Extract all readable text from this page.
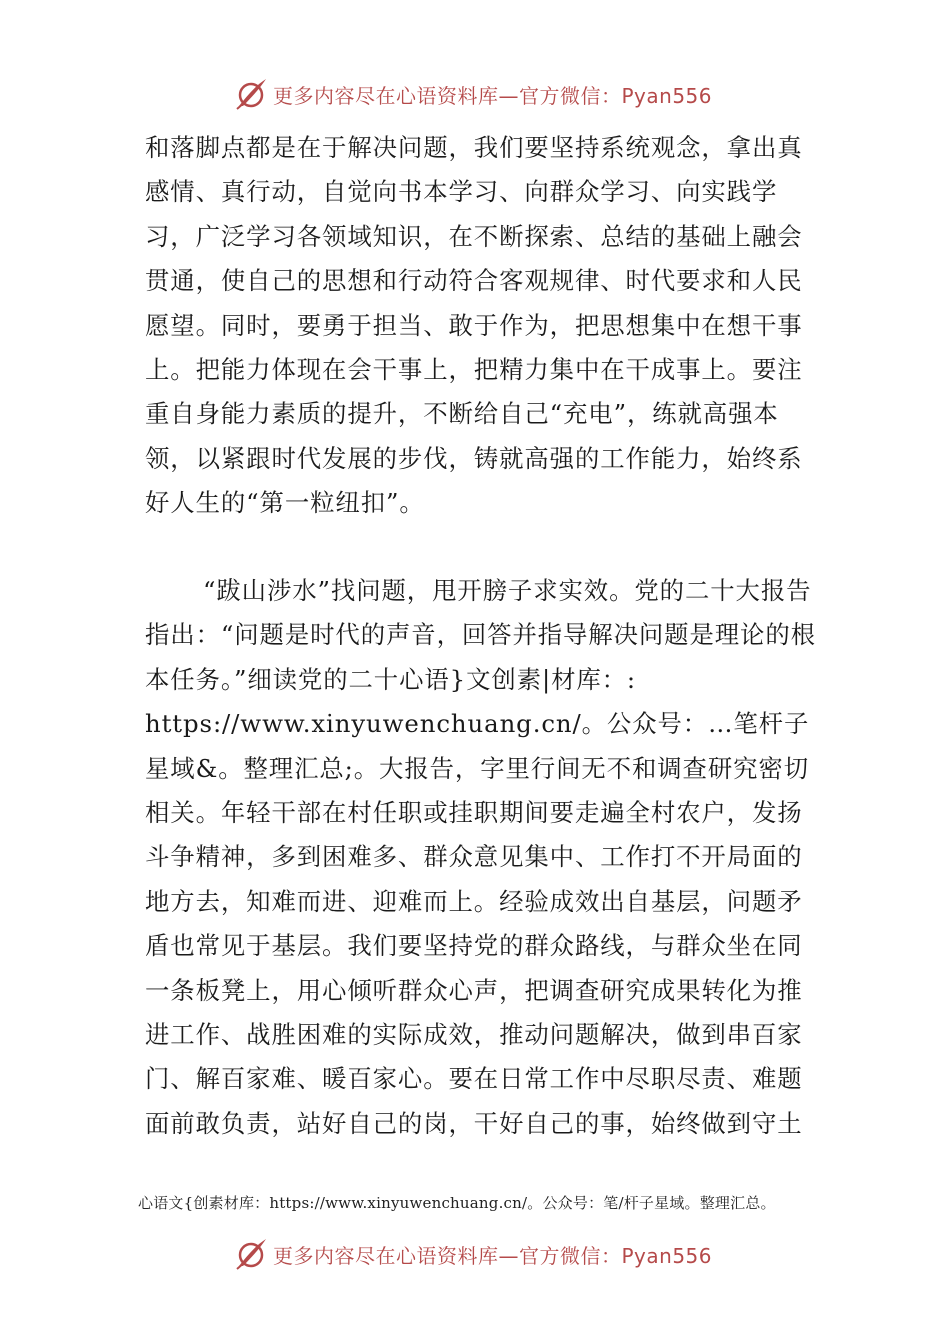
更多内容尽在心语资料库—官方微信：Pyan556
和落脚点都是在于解决问题，我们要坚持系统观念，拿出真感情、真行动，自觉向书本学习、向群众学习、向实践学习，广泛学习各领域知识，在不断探索、总结的基础上融会贯通，使自己的思想和行动符合客观规律、时代要求和人民愿望。同时，要勇于担当、敢于作为，把思想集中在想干事上。把能力体现在会干事上，把精力集中在干成事上。要注重自身能力素质的提升，不断给自己“充电”，练就高强本领，以紧跟时代发展的步伐，铸就高强的工作能力，始终系好人生的“第一粒纽扣”。
“跋山涉水”找问题，甩开膀子求实效。党的二十大报告指出：“问题是时代的声音，回答并指导解决问题是理论的根本任务。”细读党的二十心语}文创素|材库：: https://www.xinyuwenchuang.cn/。公众号：…笔杆子星域&。整理汇总;。大报告，字里行间无不和调查研究密切相关。年轻干部在村任职或挂职期间要走遍全村农户，发扬斗争精神，多到困难多、群众意见集中、工作打不开局面的地方去，知难而进、迎难而上。经验成效出自基层，问题矛盾也常见于基层。我们要坚持党的群众路线，与群众坐在同一条板凳上，用心倾听群众心声，把调查研究成果转化为推进工作、战胜困难的实际成效，推动问题解决，做到串百家门、解百家难、暖百家心。要在日常工作中尽职尽责、难题面前敢负责，站好自己的岗，干好自己的事，始终做到守土
心语文{创素材库：https://www.xinyuwenchuang.cn/。公众号：笔/杆子星域。整理汇总。
更多内容尽在心语资料库—官方微信：Pyan556
